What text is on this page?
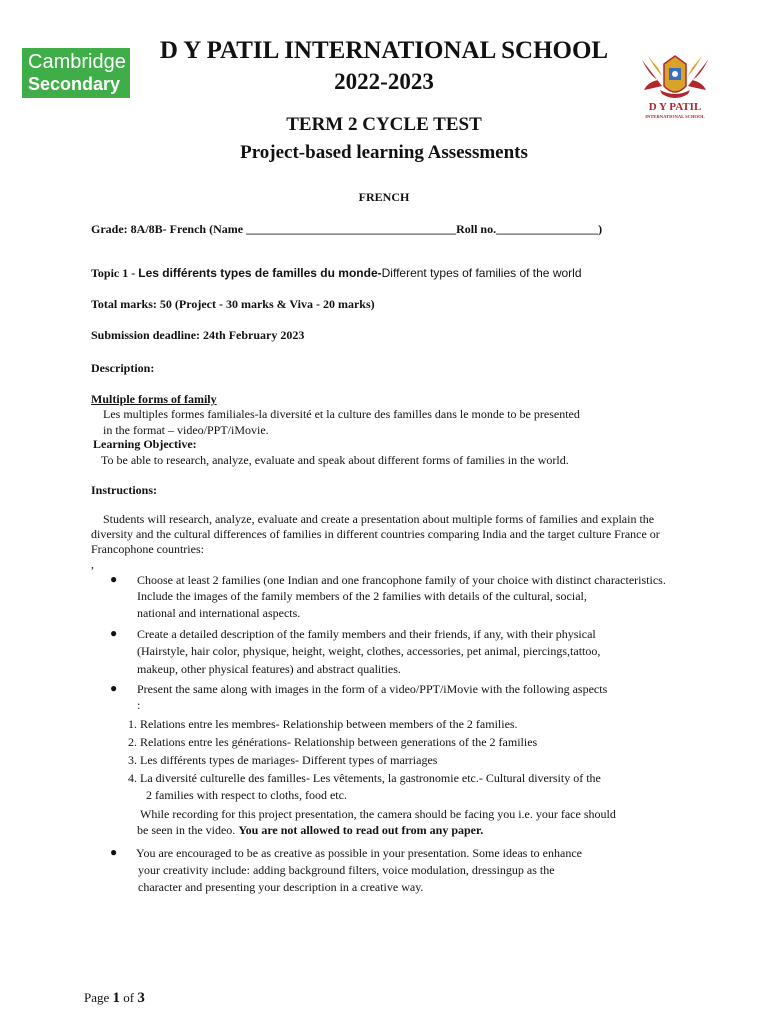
Cambridge
Secondary 1	D Y PATIL
INTERNATIONAL SCHOOL
D Y PATIL INTERNATIONAL SCHOOL
2022-2023
TERM 2 CYCLE TEST
Project-based learning Assessments
FRENCH
Grade: 8A/8B- French (Name ___________________________________Roll no._________________)
Topic 1 - Les différents types de familles du monde-Different types of families of the world
Total marks: 50 (Project - 30 marks & Viva - 20 marks)
Submission deadline: 24th February 2023
Description:
Multiple forms of family
Les multiples formes familiales-la diversité et la culture des familles dans le monde to be presented
in the format – video/PPT/iMovie.
Learning Objective:
To be able to research, analyze, evaluate and speak about different forms of families in the world.
Instructions:
Students will research, analyze, evaluate and create a presentation about multiple forms of families and explain the
diversity and the cultural differences of families in different countries comparing India and the target culture France or
Francophone countries:
,
● Choose at least 2 families (one Indian and one francophone family of your choice with distinct characteristics.
Include the images of the family members of the 2 families with details of the cultural, social,
national and international aspects.
● Create a detailed description of the family members and their friends, if any, with their physical
(Hairstyle, hair color, physique, height, weight, clothes, accessories, pet animal, piercings,tattoo,
makeup, other physical features) and abstract qualities.
● Present the same along with images in the form of a video/PPT/iMovie with the following aspects
:
1. Relations entre les membres- Relationship between members of the 2 families.
2. Relations entre les générations- Relationship between generations of the 2 families
3. Les différents types de mariages- Different types of marriages
4. La diversité culturelle des familles- Les vêtements, la gastronomie etc.- Cultural diversity of the
2 families with respect to cloths, food etc.
While recording for this project presentation, the camera should be facing you i.e. your face should
be seen in the video. You are not allowed to read out from any paper.
● You are encouraged to be as creative as possible in your presentation. Some ideas to enhance
your creativity include: adding background filters, voice modulation, dressingup as the
character and presenting your description in a creative way.
Page 1 of 3
